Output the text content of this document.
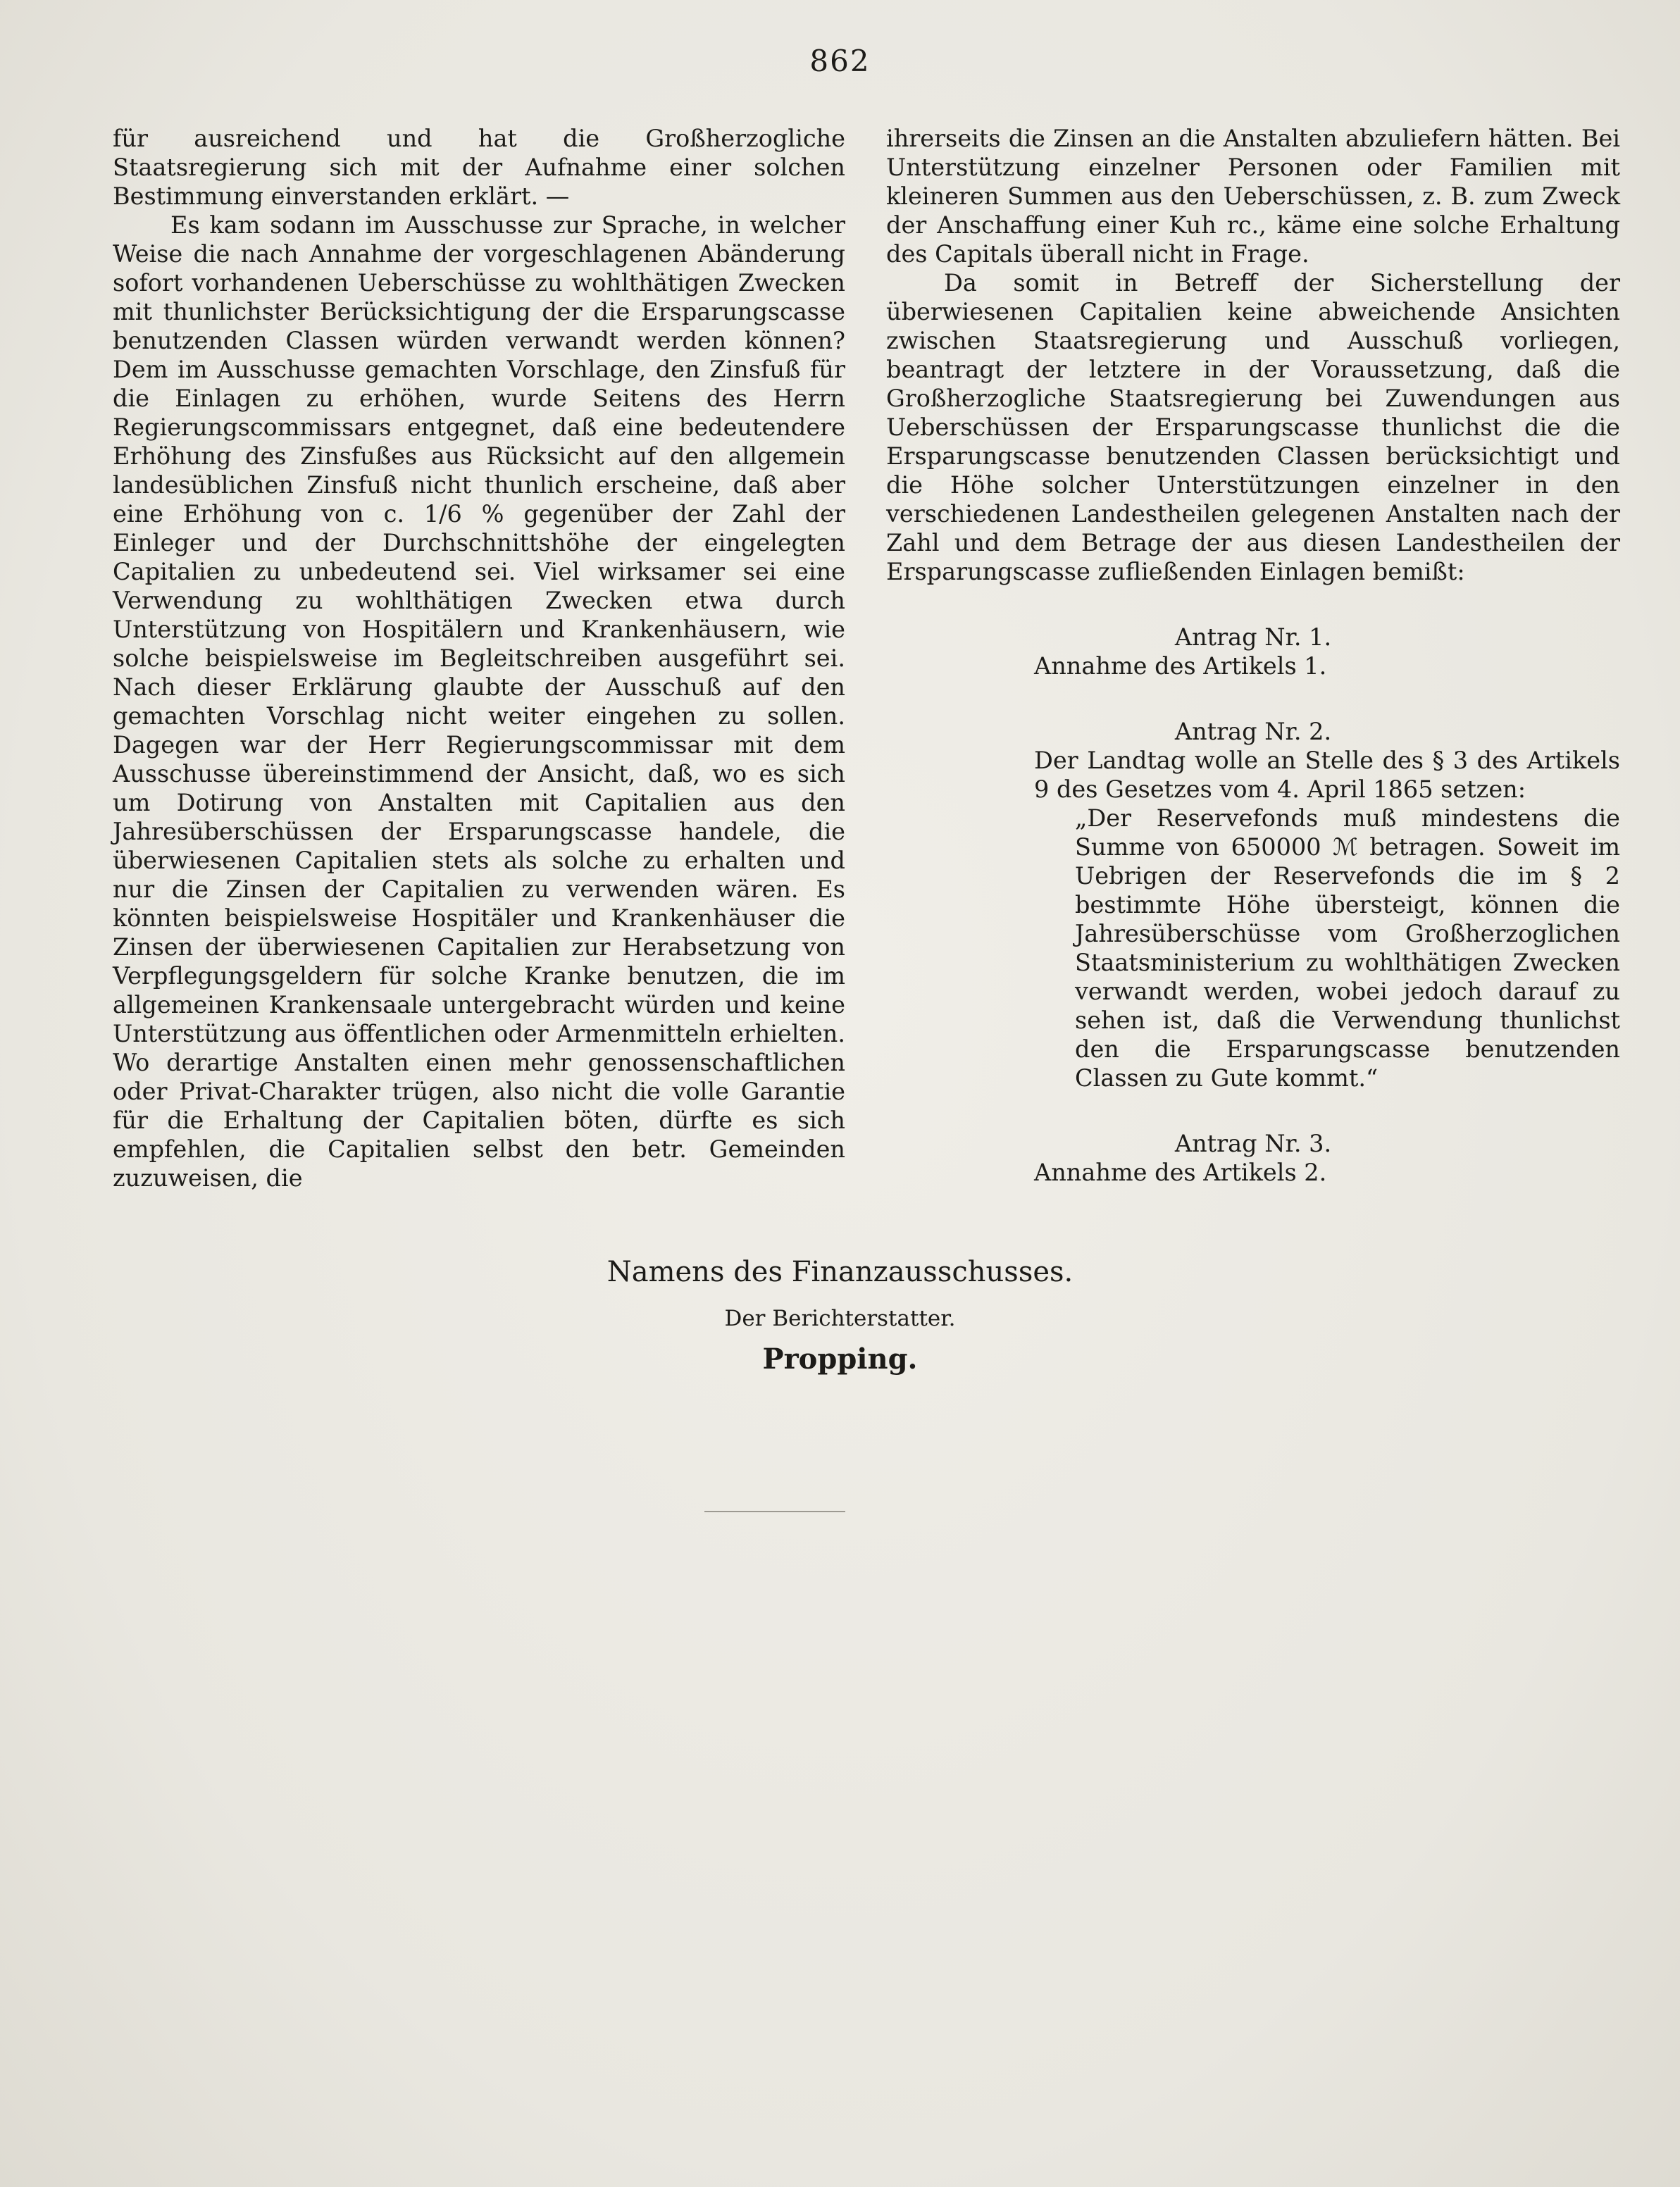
862

für ausreichend und hat die Großherzogliche Staatsregierung sich mit der Aufnahme einer solchen Bestimmung einverstanden erklärt. —

Es kam sodann im Ausschusse zur Sprache, in welcher Weise die nach Annahme der vorgeschlagenen Abänderung sofort vorhandenen Ueberschüsse zu wohlthätigen Zwecken mit thunlichster Berücksichtigung der die Ersparungscasse benutzenden Classen würden verwandt werden können? Dem im Ausschusse gemachten Vorschlage, den Zinsfuß für die Einlagen zu erhöhen, wurde Seitens des Herrn Regierungscommissars entgegnet, daß eine bedeutendere Erhöhung des Zinsfußes aus Rücksicht auf den allgemein landesüblichen Zinsfuß nicht thunlich erscheine, daß aber eine Erhöhung von c. 1/6 % gegenüber der Zahl der Einleger und der Durchschnittshöhe der eingelegten Capitalien zu unbedeutend sei. Viel wirksamer sei eine Verwendung zu wohlthätigen Zwecken etwa durch Unterstützung von Hospitälern und Krankenhäusern, wie solche beispielsweise im Begleitschreiben ausgeführt sei. Nach dieser Erklärung glaubte der Ausschuß auf den gemachten Vorschlag nicht weiter eingehen zu sollen. Dagegen war der Herr Regierungscommissar mit dem Ausschusse übereinstimmend der Ansicht, daß, wo es sich um Dotirung von Anstalten mit Capitalien aus den Jahresüberschüssen der Ersparungscasse handele, die überwiesenen Capitalien stets als solche zu erhalten und nur die Zinsen der Capitalien zu verwenden wären. Es könnten beispielsweise Hospitäler und Krankenhäuser die Zinsen der überwiesenen Capitalien zur Herabsetzung von Verpflegungsgeldern für solche Kranke benutzen, die im allgemeinen Krankensaale untergebracht würden und keine Unterstützung aus öffentlichen oder Armenmitteln erhielten. Wo derartige Anstalten einen mehr genossenschaftlichen oder Privat-Charakter trügen, also nicht die volle Garantie für die Erhaltung der Capitalien böten, dürfte es sich empfehlen, die Capitalien selbst den betr. Gemeinden zuzuweisen, die

ihrerseits die Zinsen an die Anstalten abzuliefern hätten. Bei Unterstützung einzelner Personen oder Familien mit kleineren Summen aus den Ueberschüssen, z. B. zum Zweck der Anschaffung einer Kuh rc., käme eine solche Erhaltung des Capitals überall nicht in Frage.

Da somit in Betreff der Sicherstellung der überwiesenen Capitalien keine abweichende Ansichten zwischen Staatsregierung und Ausschuß vorliegen, beantragt der letztere in der Voraussetzung, daß die Großherzogliche Staatsregierung bei Zuwendungen aus Ueberschüssen der Ersparungscasse thunlichst die die Ersparungscasse benutzenden Classen berücksichtigt und die Höhe solcher Unterstützungen einzelner in den verschiedenen Landestheilen gelegenen Anstalten nach der Zahl und dem Betrage der aus diesen Landestheilen der Ersparungscasse zufließenden Einlagen bemißt:

Antrag Nr. 1.

Annahme des Artikels 1.

Antrag Nr. 2.

Der Landtag wolle an Stelle des § 3 des Artikels 9 des Gesetzes vom 4. April 1865 setzen:

„Der Reservefonds muß mindestens die Summe von 650000 ℳ betragen. Soweit im Uebrigen der Reservefonds die im § 2 bestimmte Höhe übersteigt, können die Jahresüberschüsse vom Großherzoglichen Staatsministerium zu wohlthätigen Zwecken verwandt werden, wobei jedoch darauf zu sehen ist, daß die Verwendung thunlichst den die Ersparungscasse benutzenden Classen zu Gute kommt.“

Antrag Nr. 3.

Annahme des Artikels 2.

Namens des Finanzausschusses.
Der Berichterstatter.
Propping.
